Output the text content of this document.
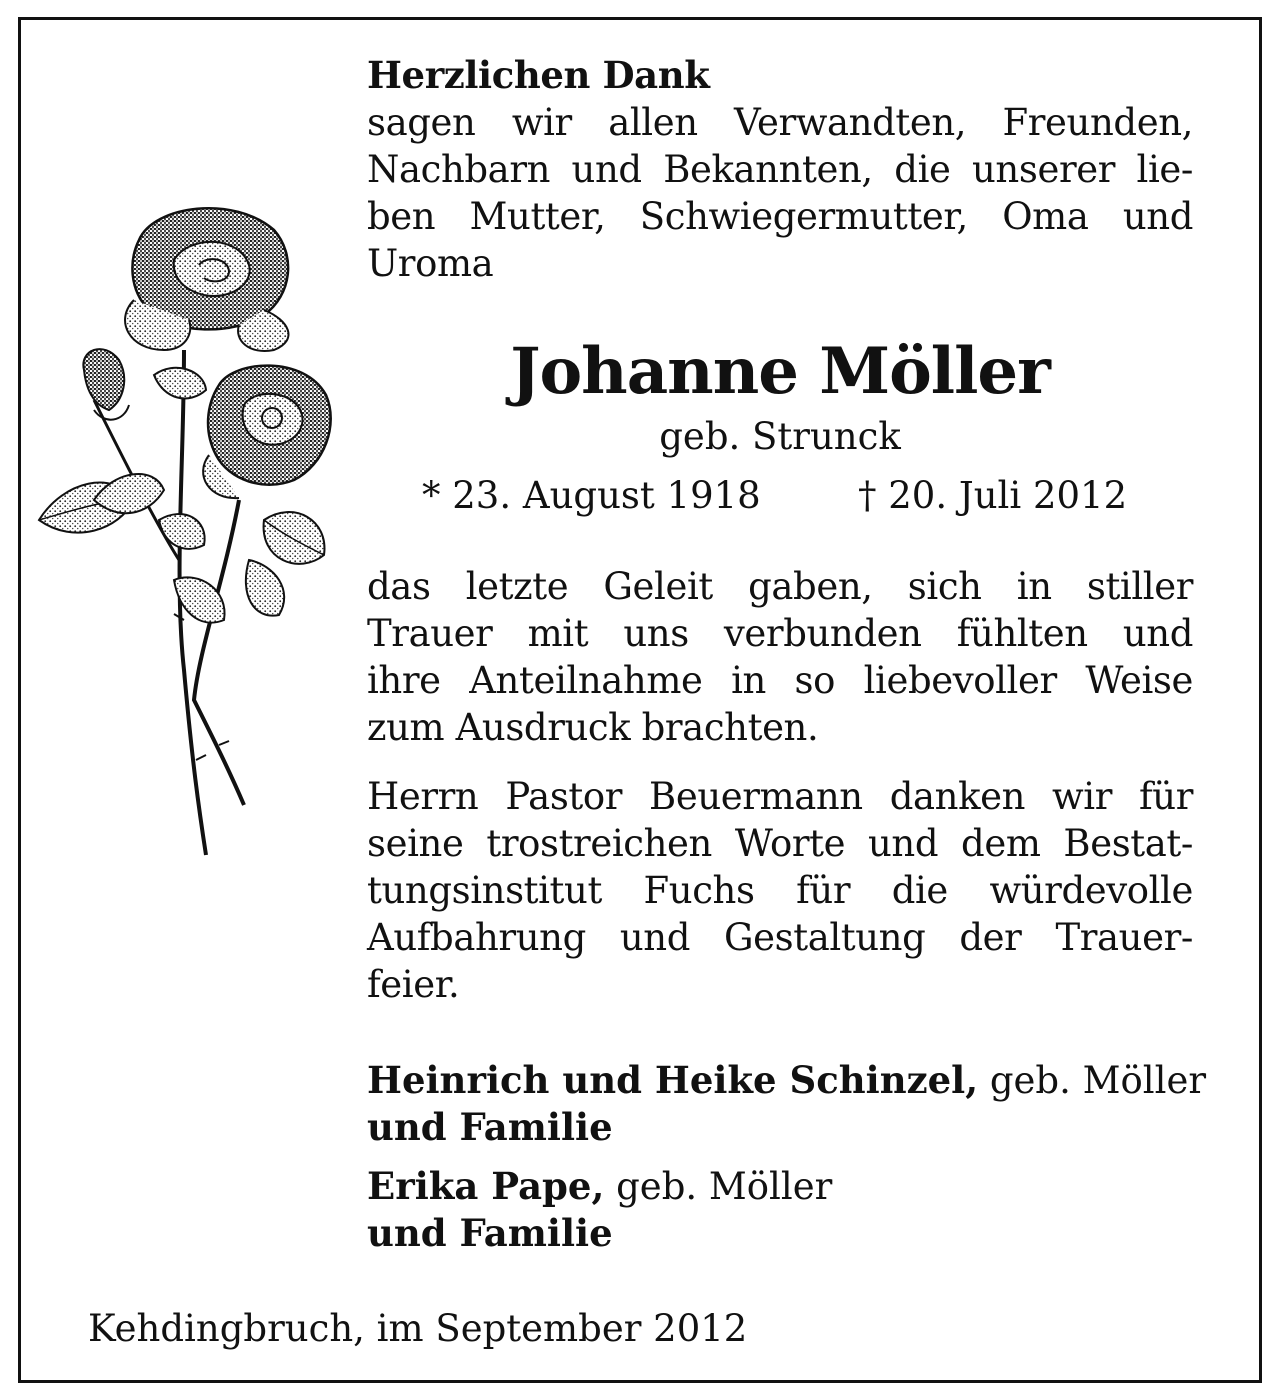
Herzlichen Dank
sagen wir allen Verwandten, Freunden,
Nachbarn und Bekannten, die unserer lie-
ben Mutter, Schwiegermutter, Oma und
Uroma
Johanne Möller
geb. Strunck
* 23. August 1918	† 20. Juli 2012
das letzte Geleit gaben, sich in stiller
Trauer mit uns verbunden fühlten und
ihre Anteilnahme in so liebevoller Weise
zum Ausdruck brachten.
Herrn Pastor Beuermann danken wir für
seine trostreichen Worte und dem Bestat-
tungsinstitut Fuchs für die würdevolle
Aufbahrung und Gestaltung der Trauer-
feier.
Heinrich und Heike Schinzel, geb. Möller
und Familie
Erika Pape, geb. Möller
und Familie
Kehdingbruch, im September 2012
